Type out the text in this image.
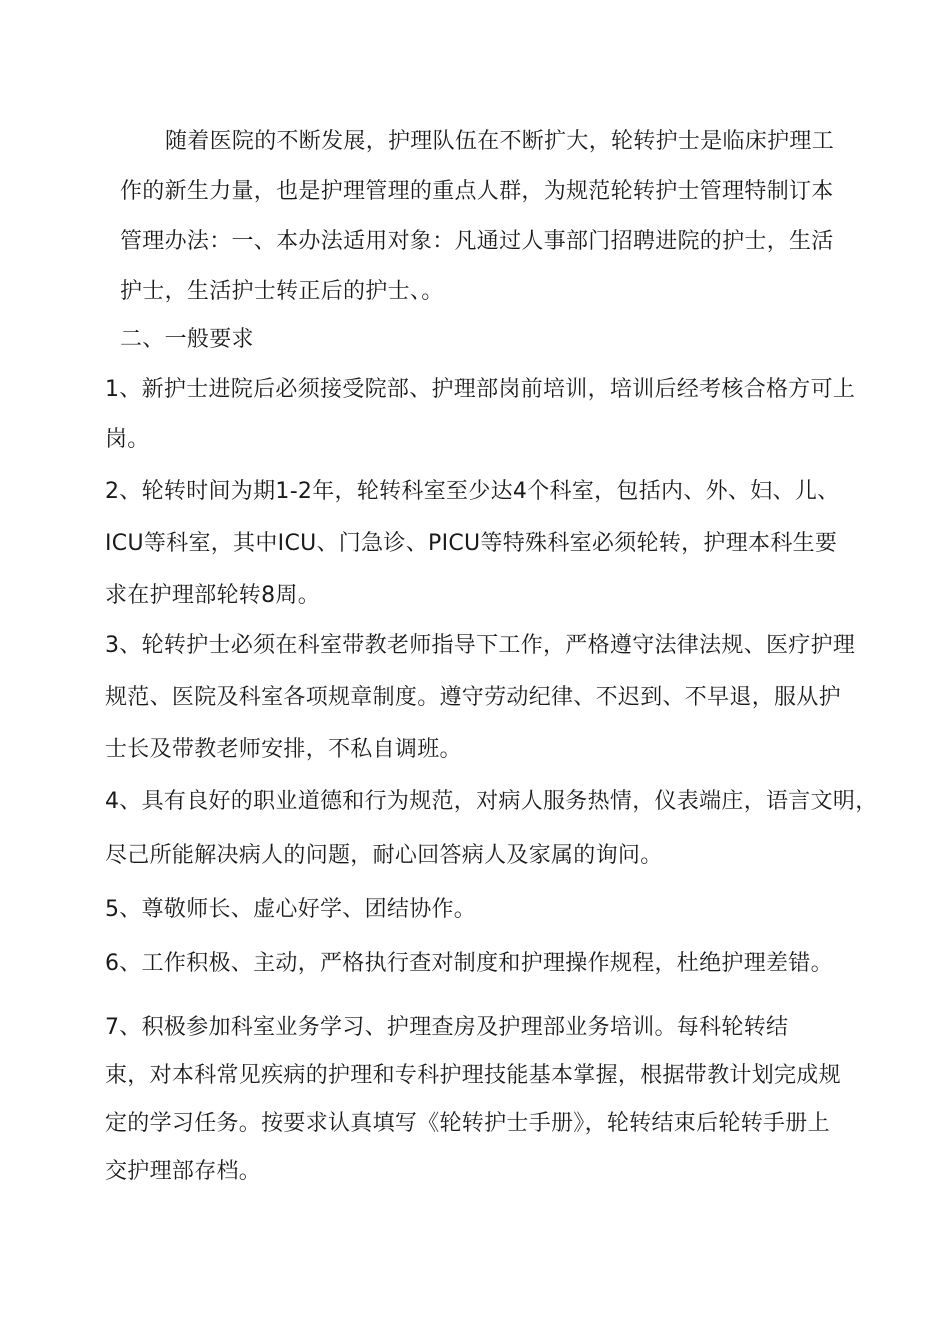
随着医院的不断发展，护理队伍在不断扩大，轮转护士是临床护理工
作的新生力量，也是护理管理的重点人群，为规范轮转护士管理特制订本
管理办法：一、本办法适用对象：凡通过人事部门招聘进院的护士，生活
护士，生活护士转正后的护士、。
二、一般要求
1、新护士进院后必须接受院部、护理部岗前培训，培训后经考核合格方可上
岗。
2、轮转时间为期1-2年，轮转科室至少达4个科室，包括内、外、妇、儿、
ICU等科室，其中ICU、门急诊、PICU等特殊科室必须轮转，护理本科生要
求在护理部轮转8周。
3、轮转护士必须在科室带教老师指导下工作，严格遵守法律法规、医疗护理
规范、医院及科室各项规章制度。遵守劳动纪律、不迟到、不早退，服从护
士长及带教老师安排，不私自调班。
4、具有良好的职业道德和行为规范，对病人服务热情，仪表端庄，语言文明，
尽己所能解决病人的问题，耐心回答病人及家属的询问。
5、尊敬师长、虚心好学、团结协作。
6、工作积极、主动，严格执行查对制度和护理操作规程，杜绝护理差错。
7、积极参加科室业务学习、护理查房及护理部业务培训。每科轮转结
束，对本科常见疾病的护理和专科护理技能基本掌握，根据带教计划完成规
定的学习任务。按要求认真填写《轮转护士手册》，轮转结束后轮转手册上
交护理部存档。
